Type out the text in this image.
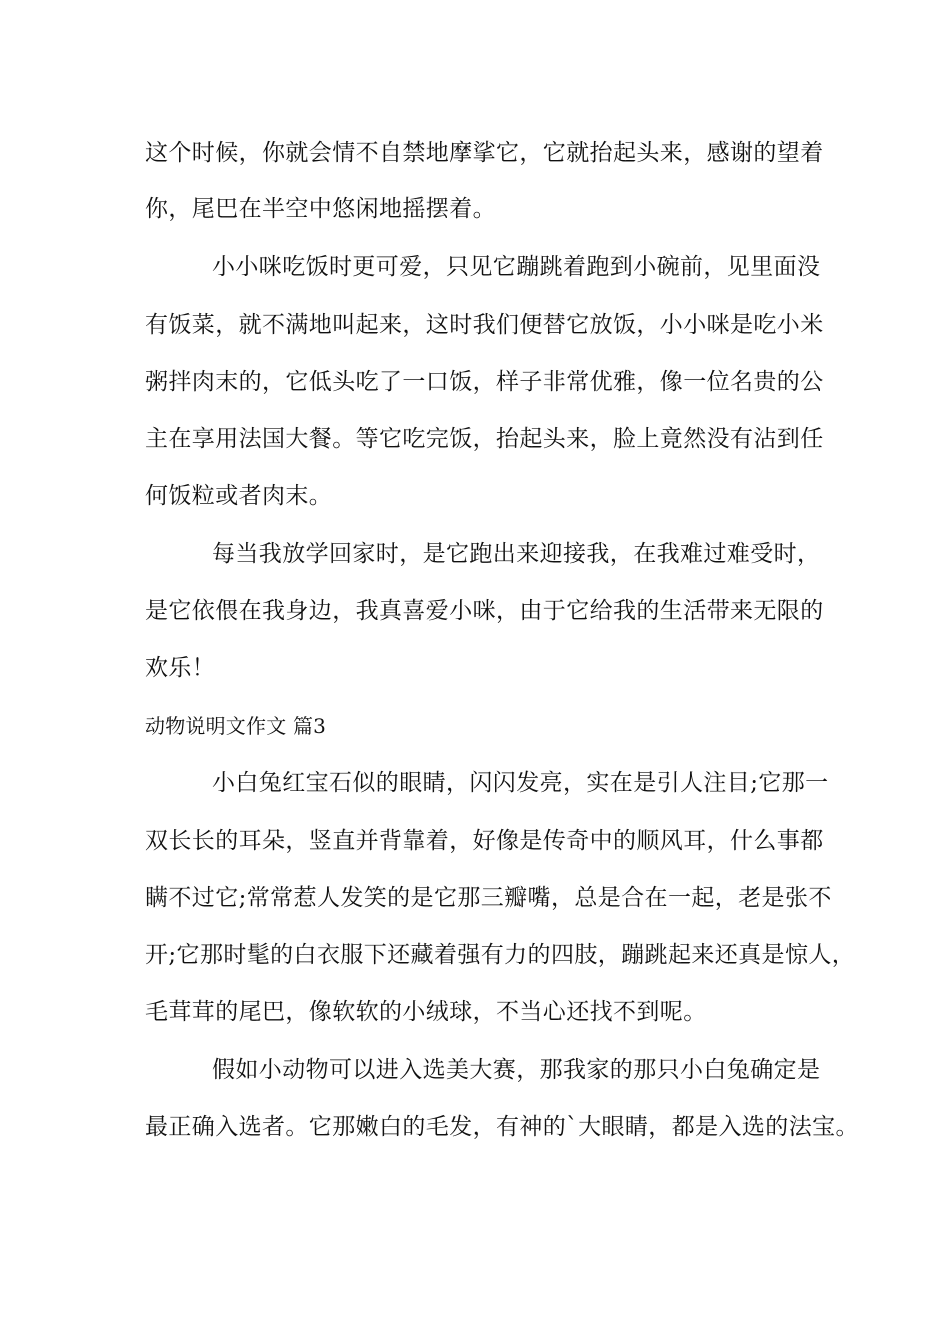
这个时候，你就会情不自禁地摩挲它，它就抬起头来，感谢的望着
你，尾巴在半空中悠闲地摇摆着。
小小咪吃饭时更可爱，只见它蹦跳着跑到小碗前，见里面没
有饭菜，就不满地叫起来，这时我们便替它放饭，小小咪是吃小米
粥拌肉末的，它低头吃了一口饭，样子非常优雅，像一位名贵的公
主在享用法国大餐。等它吃完饭，抬起头来，脸上竟然没有沾到任
何饭粒或者肉末。
每当我放学回家时，是它跑出来迎接我，在我难过难受时，
是它依偎在我身边，我真喜爱小咪，由于它给我的生活带来无限的
欢乐！
动物说明文作文 篇3
小白兔红宝石似的眼睛，闪闪发亮，实在是引人注目;它那一
双长长的耳朵，竖直并背靠着，好像是传奇中的顺风耳，什么事都
瞒不过它;常常惹人发笑的是它那三瓣嘴，总是合在一起，老是张不
开;它那时髦的白衣服下还藏着强有力的四肢，蹦跳起来还真是惊人，
毛茸茸的尾巴，像软软的小绒球，不当心还找不到呢。
假如小动物可以进入选美大赛，那我家的那只小白兔确定是
最正确入选者。它那嫩白的毛发，有神的`大眼睛，都是入选的法宝。
